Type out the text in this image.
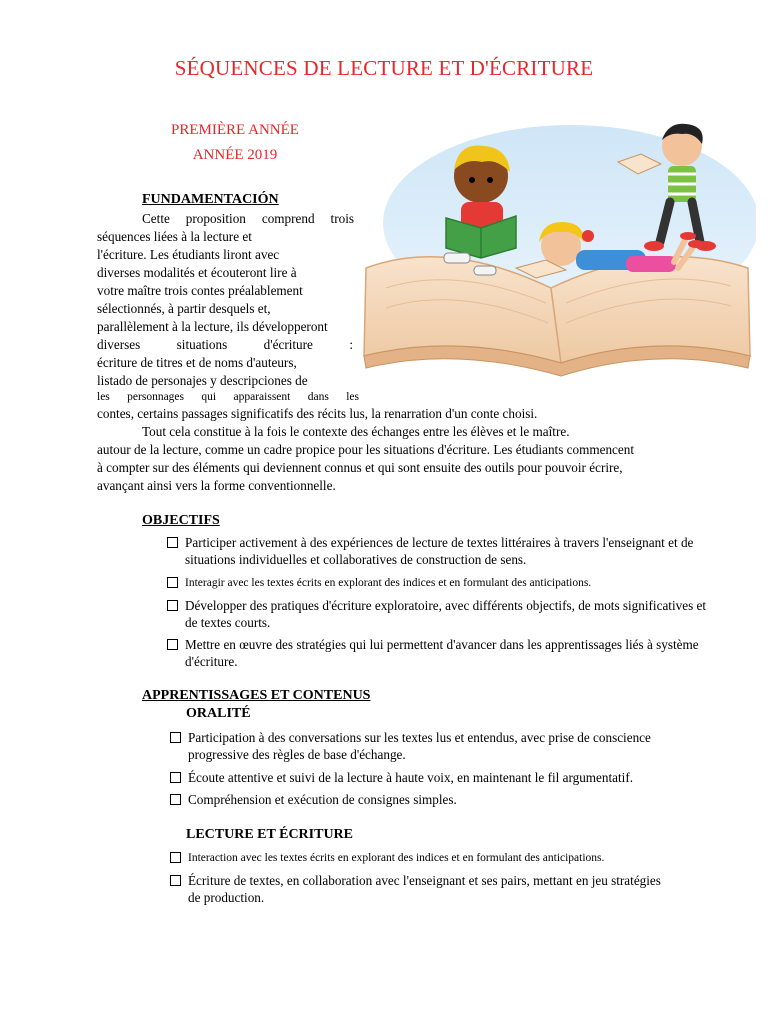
SÉQUENCES DE LECTURE ET D'ÉCRITURE
PREMIÈRE ANNÉE
ANNÉE 2019
FUNDAMENTACIÓN
Cette proposition comprend trois
séquences liées à la lecture et
l'écriture. Les étudiants liront avec
diverses modalités et écouteront lire à
votre maître trois contes préalablement
sélectionnés, à partir desquels et,
parallèlement à la lecture, ils développeront
diverses situations d'écriture :
écriture de titres et de noms d'auteurs,
listado de personajes y descripciones de
les personnages qui apparaissent dans les
contes, certains passages significatifs des récits lus, la renarration d'un conte choisi.
Tout cela constitue à la fois le contexte des échanges entre les élèves et le maître.
autour de la lecture, comme un cadre propice pour les situations d'écriture. Les étudiants commencent
à compter sur des éléments qui deviennent connus et qui sont ensuite des outils pour pouvoir écrire,
avançant ainsi vers la forme conventionnelle.
OBJECTIFS
Participer activement à des expériences de lecture de textes littéraires à travers l'enseignant et de situations individuelles et collaboratives de construction de sens.
Interagir avec les textes écrits en explorant des indices et en formulant des anticipations.
Développer des pratiques d'écriture exploratoire, avec différents objectifs, de mots significatives et de textes courts.
Mettre en œuvre des stratégies qui lui permettent d'avancer dans les apprentissages liés à système d'écriture.
APPRENTISSAGES ET CONTENUS
ORALITÉ
Participation à des conversations sur les textes lus et entendus, avec prise de conscience progressive des règles de base d'échange.
Écoute attentive et suivi de la lecture à haute voix, en maintenant le fil argumentatif.
Compréhension et exécution de consignes simples.
LECTURE ET ÉCRITURE
Interaction avec les textes écrits en explorant des indices et en formulant des anticipations.
Écriture de textes, en collaboration avec l'enseignant et ses pairs, mettant en jeu stratégies de production.
